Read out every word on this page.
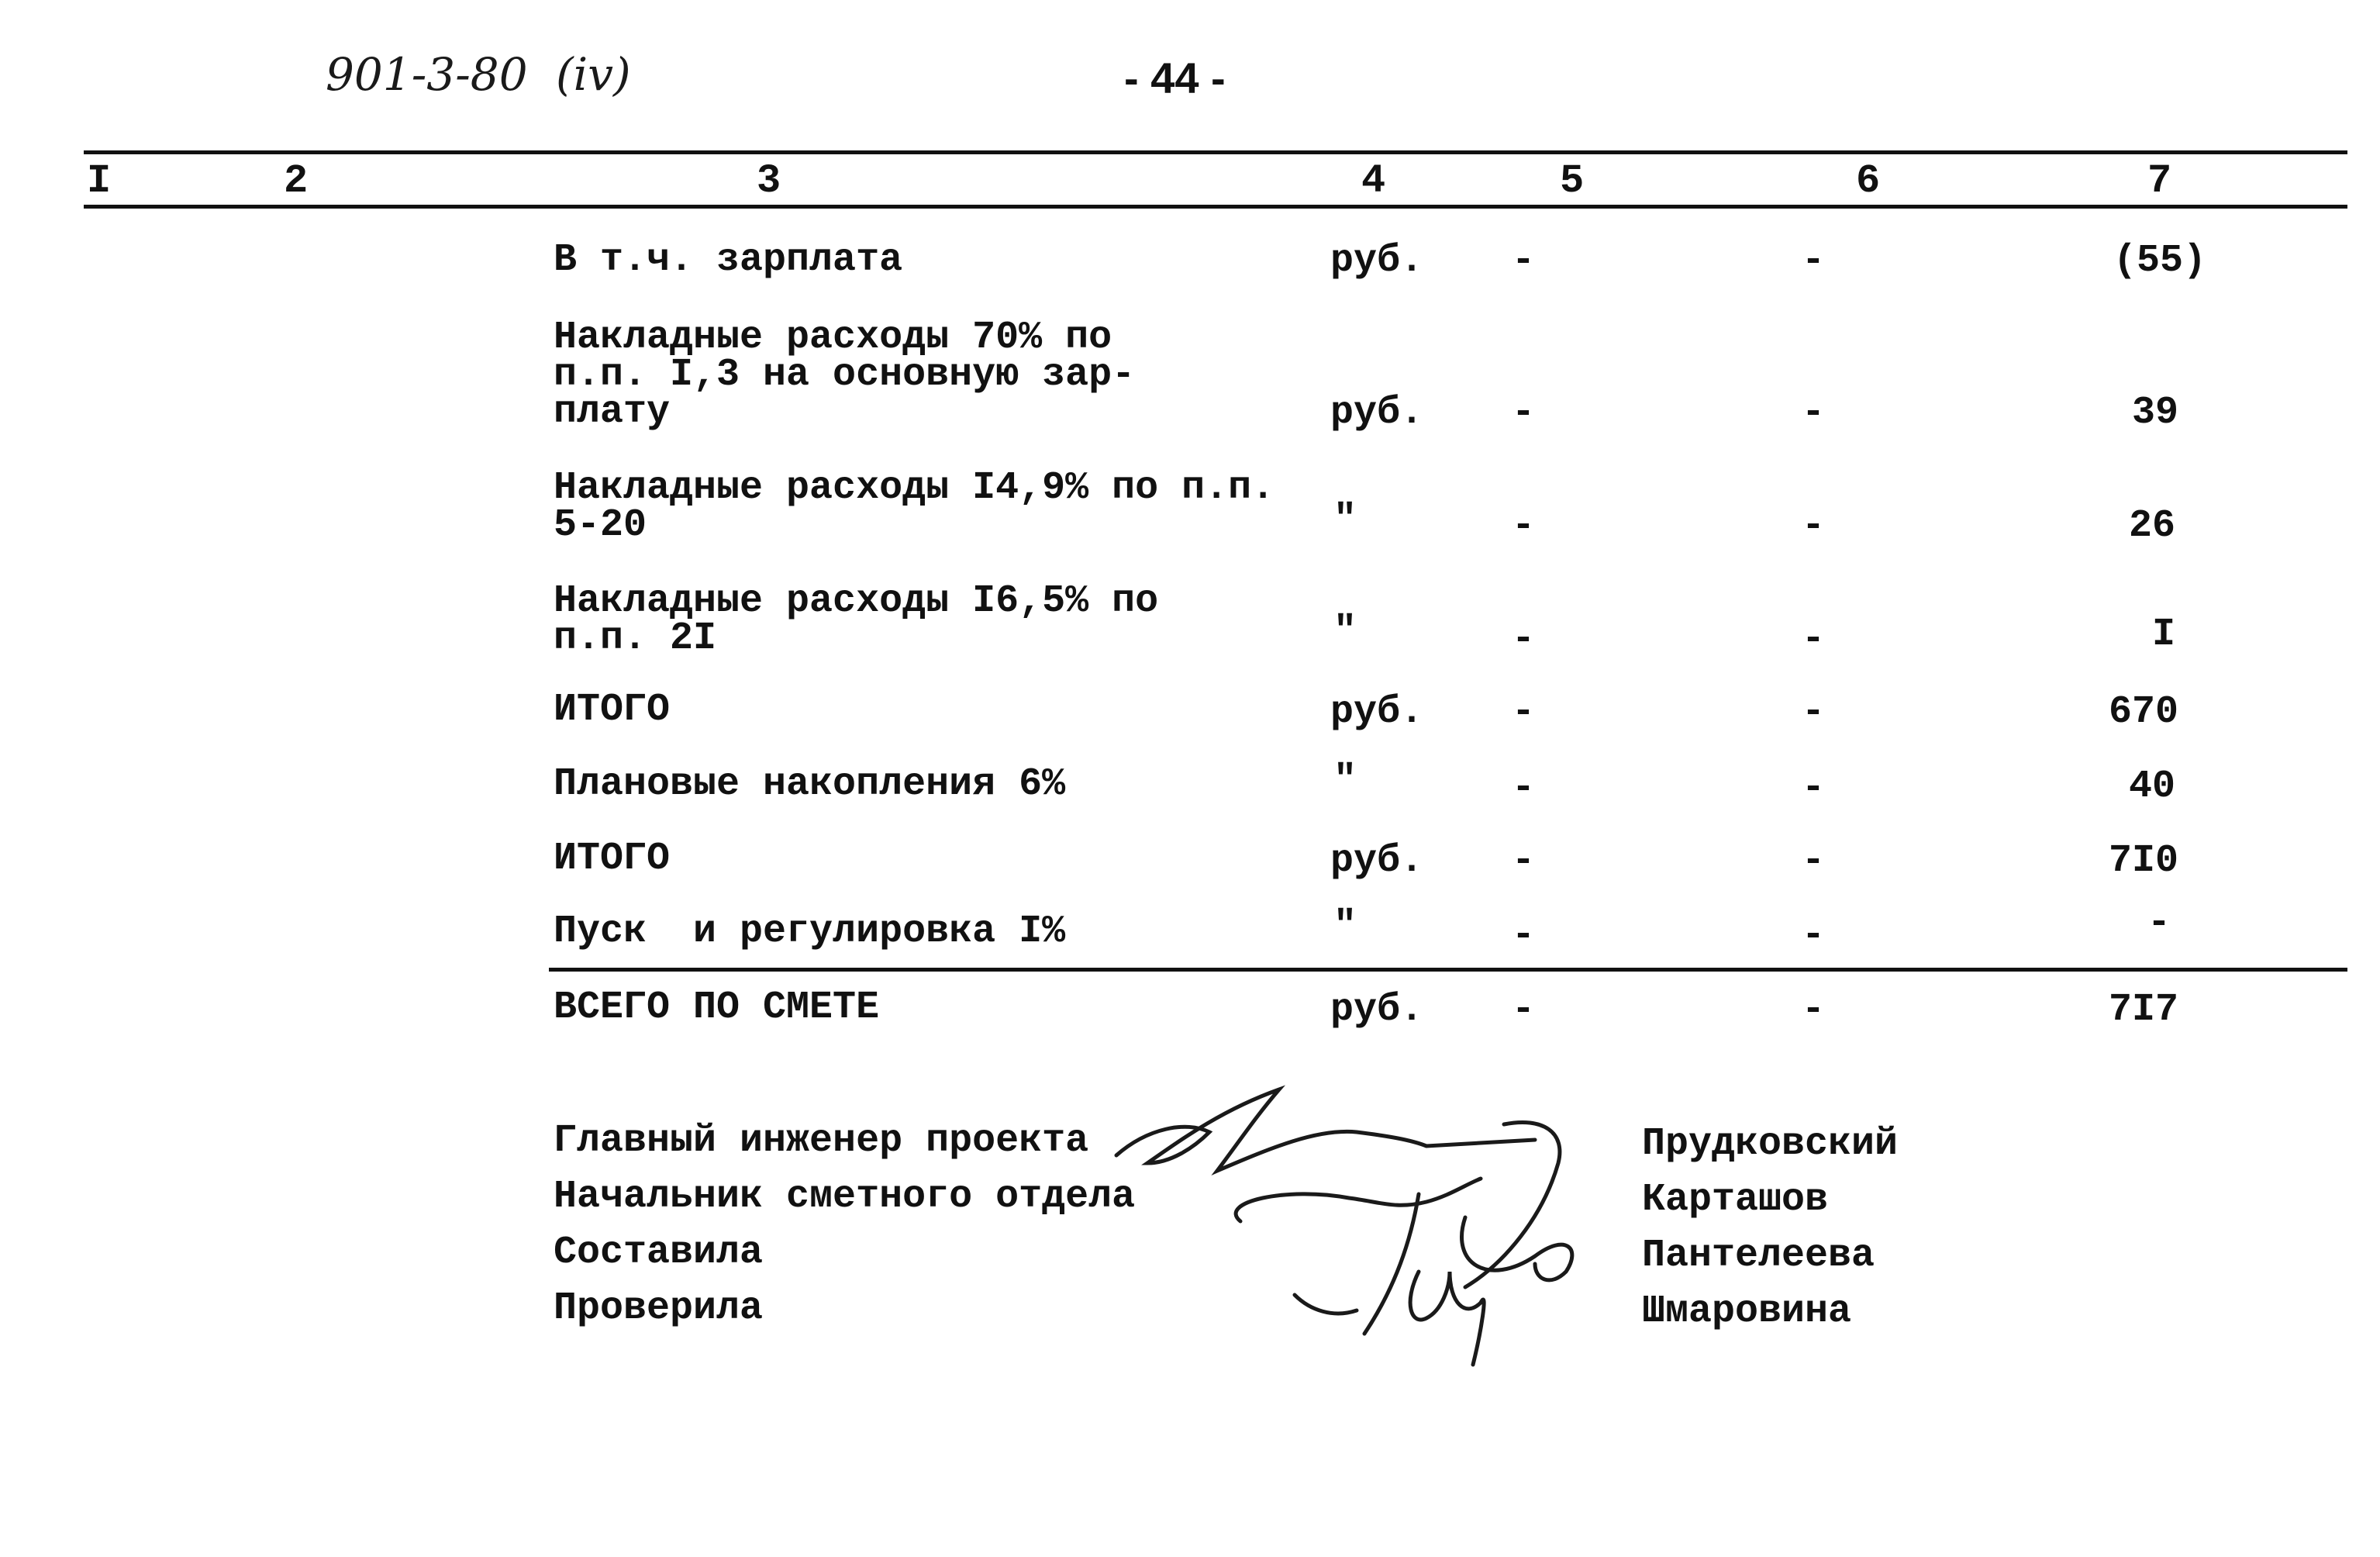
901-3-80 (iv)	- 44 -
I	2	3	4	5	6	7
В т.ч. зарплата	руб. -	-	(55)
Накладные расходы 70% по
п.п. I,3 на основную зар-
плату	руб. -	-	39
Накладные расходы I4,9% по п.п.
5-20	"	-	-	26
Накладные расходы I6,5% по
п.п. 2I	"	-	-	I
ИТОГО	руб. -	-	670
Плановые накопления 6%	"	-	-	40
ИТОГО	руб. -	-	7I0
Пуск  и регулировка I%	"	-	-	-
ВСЕГО ПО СМЕТЕ	руб. -	-	7I7
Главный инженер проекта
Начальник сметного отдела
Составила
Проверила
Прудковский
Карташов
Пантелеева
Шмаровина
